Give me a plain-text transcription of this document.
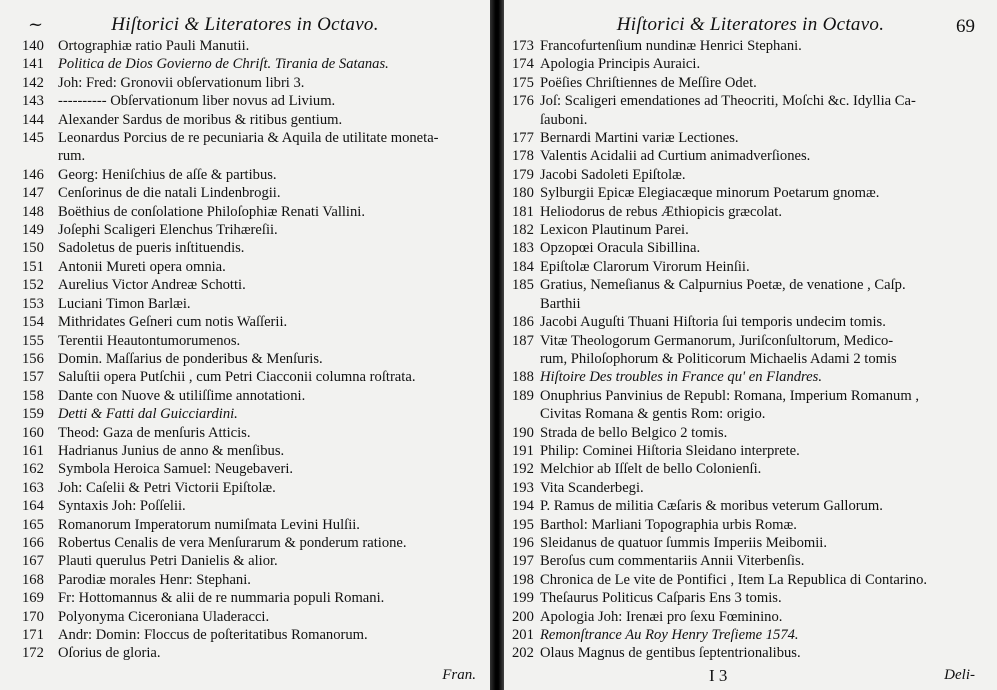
~	Hiſtorici & Literatores in Octavo.
140 Ortographiæ ratio Pauli Manutii.
141 Politica de Dios Govierno de Chriſt. Tirania de Satanas.
142 Joh: Fred: Gronovii obſervationum libri 3.
143 ---------- Obſervationum liber novus ad Livium.
144 Alexander Sardus de moribus & ritibus gentium.
145 Leonardus Porcius de re pecuniaria & Aquila de utilitate moneta-
rum.
146 Georg: Heniſchius de aſſe & partibus.
147 Cenſorinus de die natali Lindenbrogii.
148 Boëthius de conſolatione Philoſophiæ Renati Vallini.
149 Joſephi Scaligeri Elenchus Trihæreſii.
150 Sadoletus de pueris inſtituendis.
151 Antonii Mureti opera omnia.
152 Aurelius Victor Andreæ Schotti.
153 Luciani Timon Barlæi.
154 Mithridates Geſneri cum notis Waſſerii.
155 Terentii Heautontumorumenos.
156 Domin. Maſſarius de ponderibus & Menſuris.
157 Saluſtii opera Putſchii , cum Petri Ciacconii columna roſtrata.
158 Dante con Nuove & utiliſſime annotationi.
159 Detti & Fatti dal Guicciardini.
160 Theod: Gaza de menſuris Atticis.
161 Hadrianus Junius de anno & menſibus.
162 Symbola Heroica Samuel: Neugebaveri.
163 Joh: Caſelii & Petri Victorii Epiſtolæ.
164 Syntaxis Joh: Poſſelii.
165 Romanorum Imperatorum numiſmata Levini Hulſii.
166 Robertus Cenalis de vera Menſurarum & ponderum ratione.
167 Plauti querulus Petri Danielis & alior.
168 Parodiæ morales Henr: Stephani.
169 Fr: Hottomannus & alii de re nummaria populi Romani.
170 Polyonyma Ciceroniana Uladeracci.
171 Andr: Domin: Floccus de poſteritatibus Romanorum.
172 Oſorius de gloria.
Fran.
Hiſtorici & Literatores in Octavo.	69
173 Francofurtenſium nundinæ Henrici Stephani.
174 Apologia Principis Auraici.
175 Poëſies Chriſtiennes de Meſſire Odet.
176 Joſ: Scaligeri emendationes ad Theocriti, Moſchi &c. Idyllia Ca-
ſauboni.
177 Bernardi Martini variæ Lectiones.
178 Valentis Acidalii ad Curtium animadverſiones.
179 Jacobi Sadoleti Epiſtolæ.
180 Sylburgii Epicæ Elegiacæque minorum Poetarum gnomæ.
181 Heliodorus de rebus Æthiopicis græcolat.
182 Lexicon Plautinum Parei.
183 Opzopœi Oracula Sibillina.
184 Epiſtolæ Clarorum Virorum Heinſii.
185 Gratius, Nemeſianus & Calpurnius Poetæ, de venatione , Caſp.
Barthii
186 Jacobi Auguſti Thuani Hiſtoria ſui temporis undecim tomis.
187 Vitæ Theologorum Germanorum, Juriſconſultorum, Medico-
rum, Philoſophorum & Politicorum Michaelis Adami 2 tomis
188 Hiſtoire Des troubles in France qu' en Flandres.
189 Onuphrius Panvinius de Republ: Romana, Imperium Romanum ,
Civitas Romana & gentis Rom: origio.
190 Strada de bello Belgico 2 tomis.
191 Philip: Cominei Hiſtoria Sleidano interprete.
192 Melchior ab Iſſelt de bello Colonienſi.
193 Vita Scanderbegi.
194 P. Ramus de militia Cæſaris & moribus veterum Gallorum.
195 Barthol: Marliani Topographia urbis Romæ.
196 Sleidanus de quatuor ſummis Imperiis Meibomii.
197 Beroſus cum commentariis Annii Viterbenſis.
198 Chronica de Le vite de Pontifici , Item La Republica di Contarino.
199 Theſaurus Politicus Caſparis Ens 3 tomis.
200 Apologia Joh: Irenæi pro ſexu Fœminino.
201 Remonſtrance Au Roy Henry Treſieme 1574.
202 Olaus Magnus de gentibus ſeptentrionalibus.
I 3	Deli-
